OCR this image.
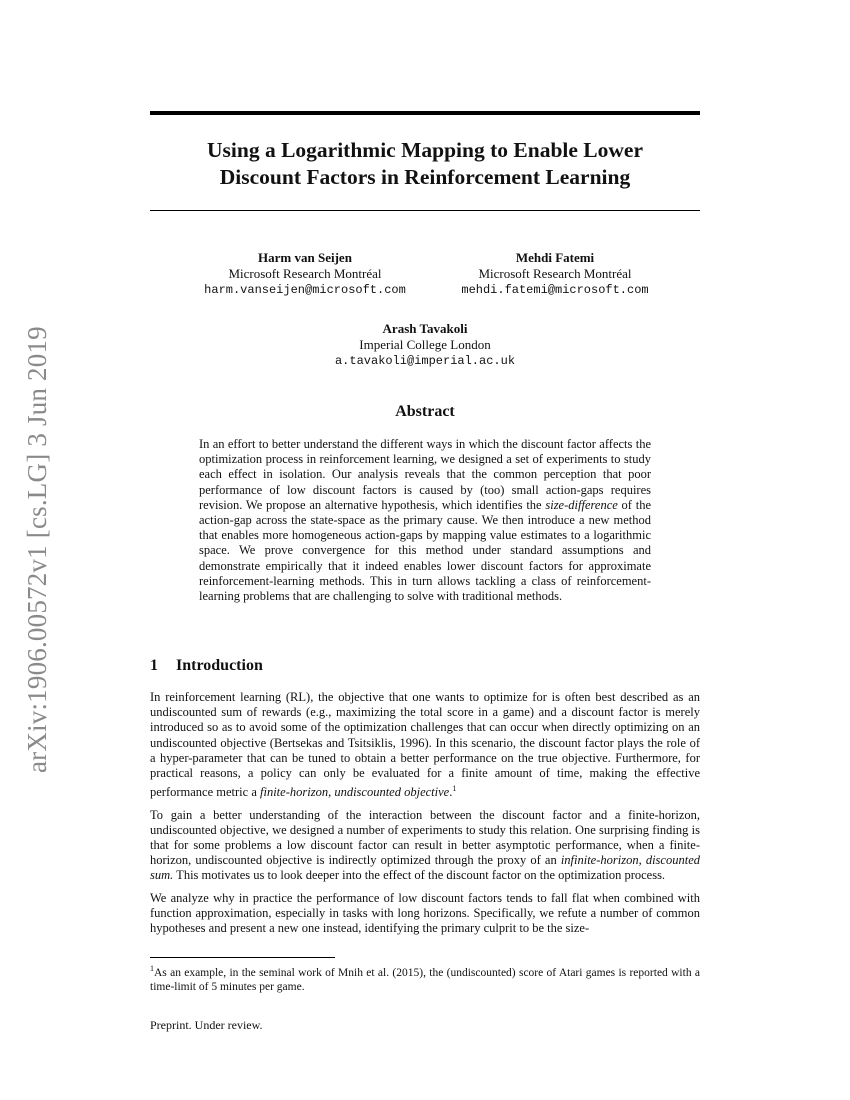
arXiv:1906.00572v1 [cs.LG] 3 Jun 2019
Using a Logarithmic Mapping to Enable Lower
Discount Factors in Reinforcement Learning
Harm van Seijen
Microsoft Research Montréal
harm.vanseijen@microsoft.com
Mehdi Fatemi
Microsoft Research Montréal
mehdi.fatemi@microsoft.com
Arash Tavakoli
Imperial College London
a.tavakoli@imperial.ac.uk
Abstract
In an effort to better understand the different ways in which the discount factor affects the optimization process in reinforcement learning, we designed a set of experiments to study each effect in isolation. Our analysis reveals that the common perception that poor performance of low discount factors is caused by (too) small action-gaps requires revision. We propose an alternative hypothesis, which identifies the size-difference of the action-gap across the state-space as the primary cause. We then introduce a new method that enables more homogeneous action-gaps by mapping value estimates to a logarithmic space. We prove convergence for this method under standard assumptions and demonstrate empirically that it indeed enables lower discount factors for approximate reinforcement-learning methods. This in turn allows tackling a class of reinforcement-learning problems that are challenging to solve with traditional methods.
1 Introduction

In reinforcement learning (RL), the objective that one wants to optimize for is often best described as an undiscounted sum of rewards (e.g., maximizing the total score in a game) and a discount factor is merely introduced so as to avoid some of the optimization challenges that can occur when directly optimizing on an undiscounted objective (Bertsekas and Tsitsiklis, 1996). In this scenario, the discount factor plays the role of a hyper-parameter that can be tuned to obtain a better performance on the true objective. Furthermore, for practical reasons, a policy can only be evaluated for a finite amount of time, making the effective performance metric a finite-horizon, undiscounted objective.$^1$

To gain a better understanding of the interaction between the discount factor and a finite-horizon, undiscounted objective, we designed a number of experiments to study this relation. One surprising finding is that for some problems a low discount factor can result in better asymptotic performance, when a finite-horizon, undiscounted objective is indirectly optimized through the proxy of an infinite-horizon, discounted sum. This motivates us to look deeper into the effect of the discount factor on the optimization process.

We analyze why in practice the performance of low discount factors tends to fall flat when combined with function approximation, especially in tasks with long horizons. Specifically, we refute a number of common hypotheses and present a new one instead, identifying the primary culprit to be the size-

$^1$As an example, in the seminal work of Mnih et al. (2015), the (undiscounted) score of Atari games is reported with a time-limit of 5 minutes per game.
Preprint. Under review.
